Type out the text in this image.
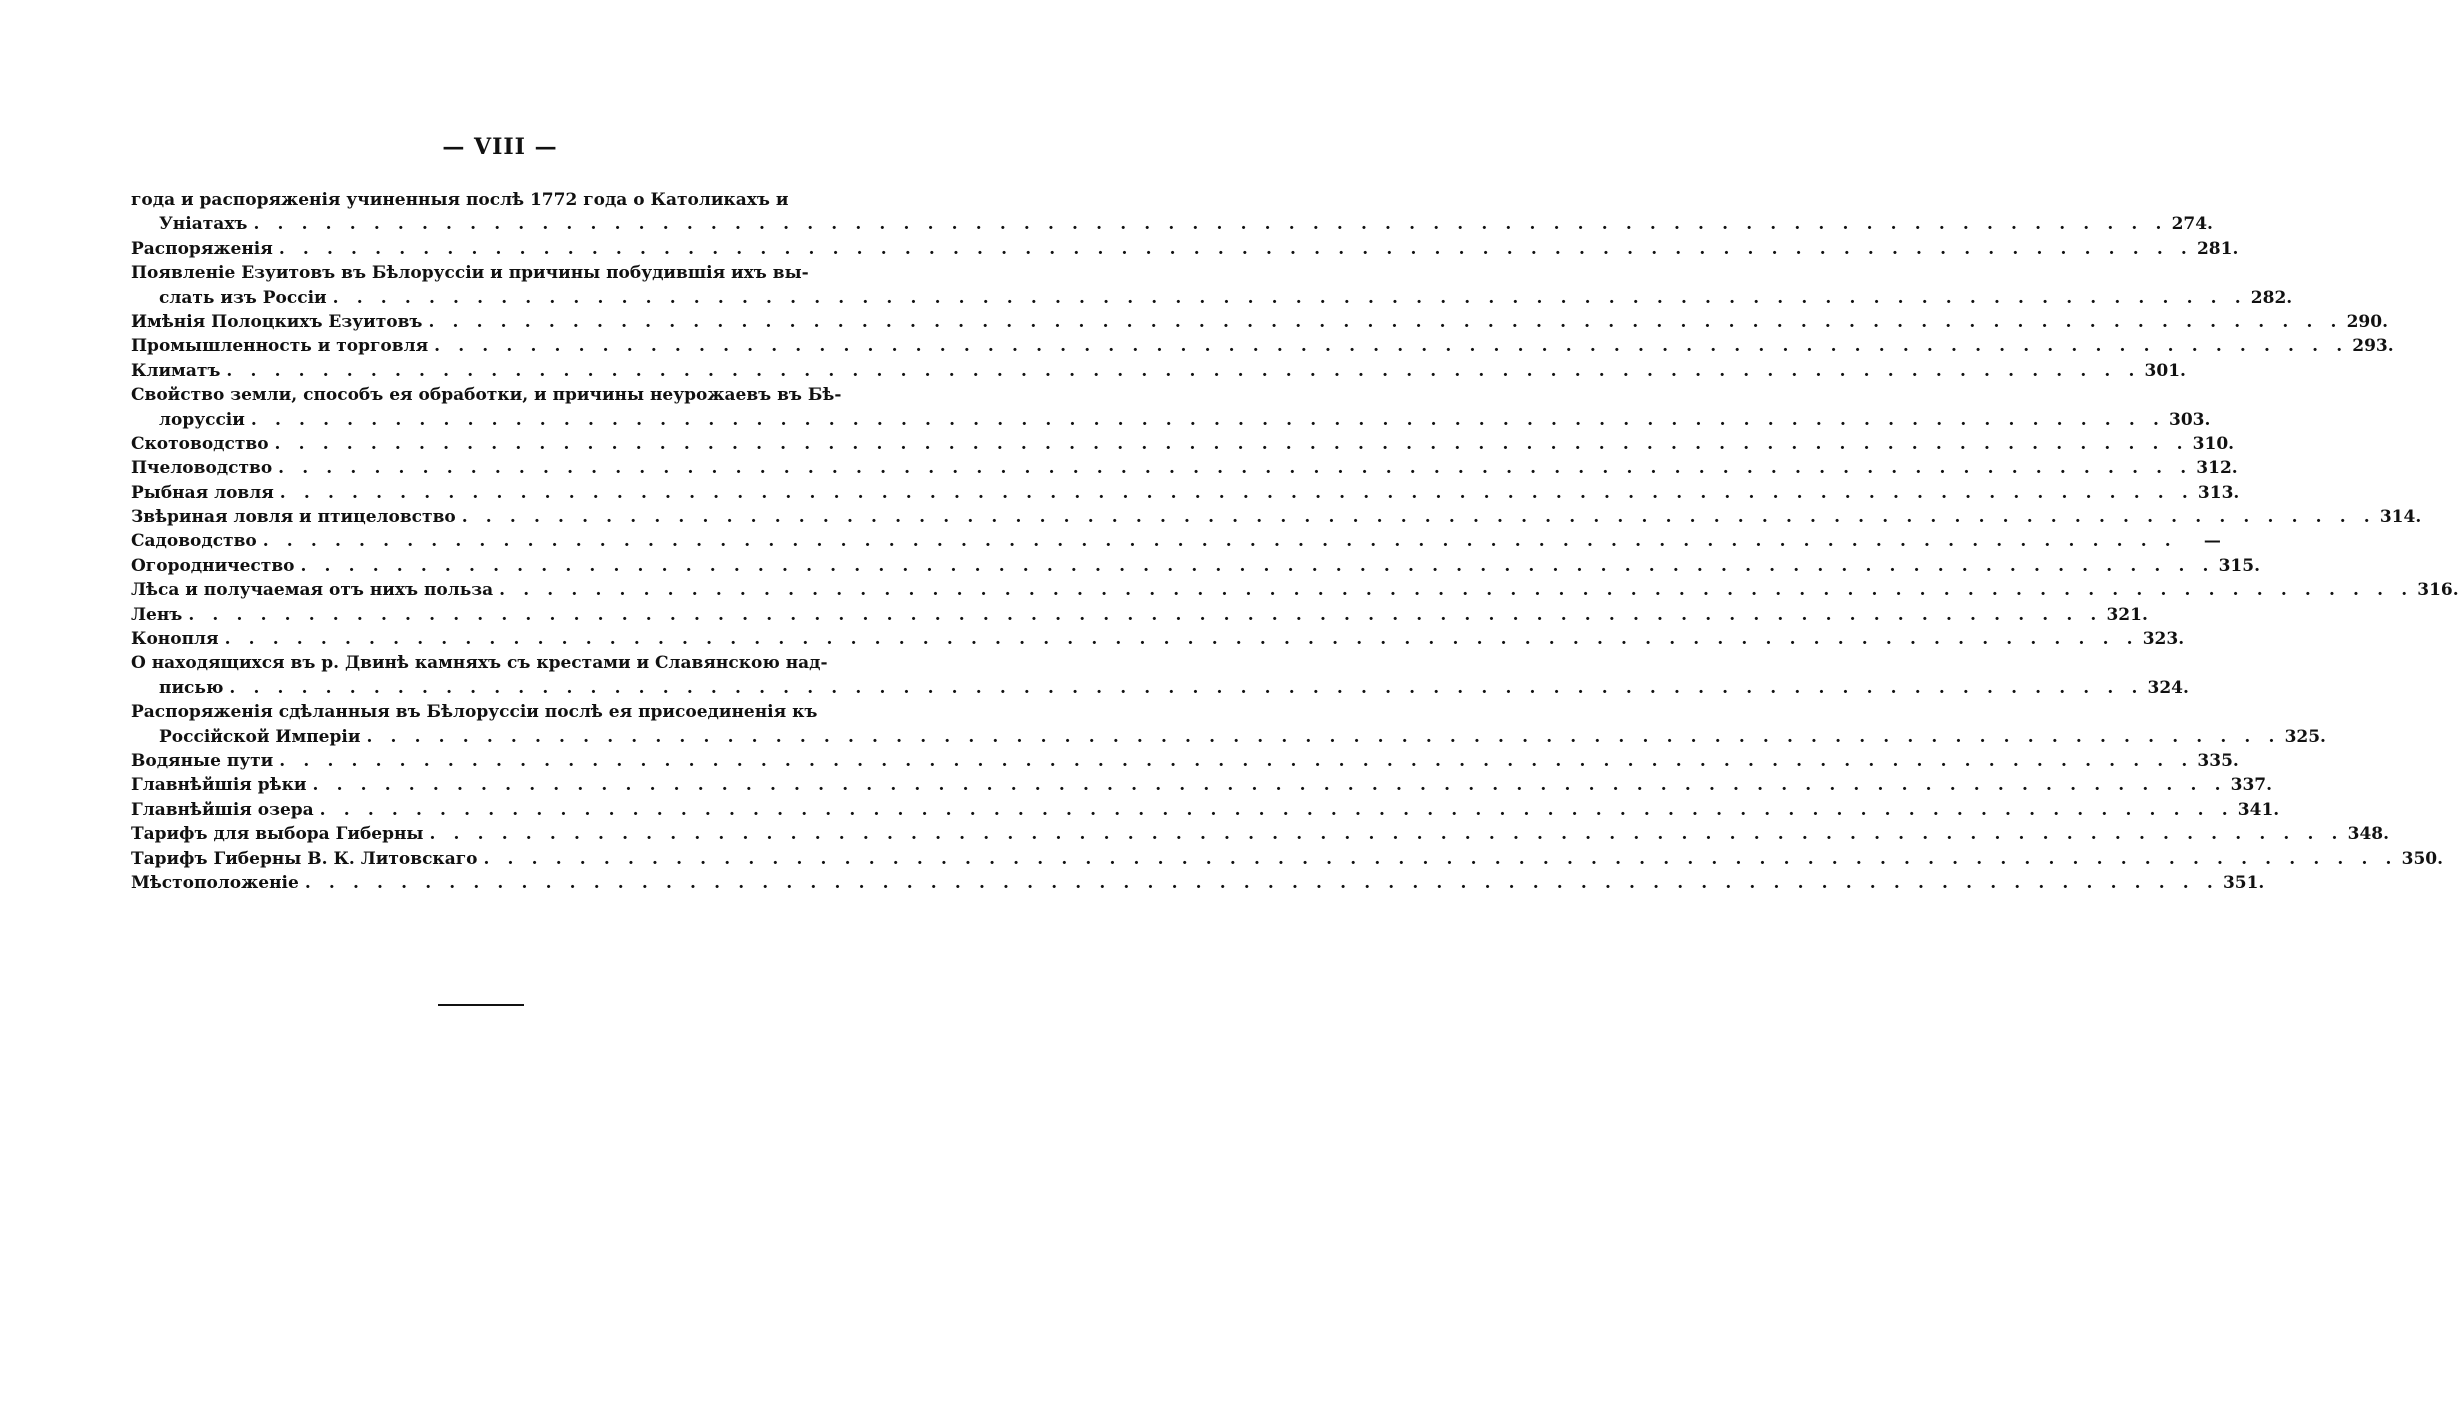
— VIII —
года и распоряженія учиненныя послѣ 1772 года о Католикахъ и
Уніатахъ . . . . . . . . . . . . . . . . . . . . . . . . . . . . . . . . . . . . . . . . . . . . . . . . . . . . . . . . . . . . . . . . . . . . . . . . . . . . . . . . 274.
Распоряженія . . . . . . . . . . . . . . . . . . . . . . . . . . . . . . . . . . . . . . . . . . . . . . . . . . . . . . . . . . . . . . . . . . . . . . . . . . . . . . . . 281.
Появленіе Езуитовъ въ Бѣлоруссіи и причины побудившія ихъ вы-
слать изъ Россіи . . . . . . . . . . . . . . . . . . . . . . . . . . . . . . . . . . . . . . . . . . . . . . . . . . . . . . . . . . . . . . . . . . . . . . . . . . . . . . . . 282.
Имѣнія Полоцкихъ Езуитовъ . . . . . . . . . . . . . . . . . . . . . . . . . . . . . . . . . . . . . . . . . . . . . . . . . . . . . . . . . . . . . . . . . . . . . . . . . . . . . . . . 290.
Промышленность и торговля . . . . . . . . . . . . . . . . . . . . . . . . . . . . . . . . . . . . . . . . . . . . . . . . . . . . . . . . . . . . . . . . . . . . . . . . . . . . . . . . 293.
Климатъ . . . . . . . . . . . . . . . . . . . . . . . . . . . . . . . . . . . . . . . . . . . . . . . . . . . . . . . . . . . . . . . . . . . . . . . . . . . . . . . . 301.
Свойство земли, способъ ея обработки, и причины неурожаевъ въ Бѣ-
лоруссіи . . . . . . . . . . . . . . . . . . . . . . . . . . . . . . . . . . . . . . . . . . . . . . . . . . . . . . . . . . . . . . . . . . . . . . . . . . . . . . . . 303.
Скотоводство . . . . . . . . . . . . . . . . . . . . . . . . . . . . . . . . . . . . . . . . . . . . . . . . . . . . . . . . . . . . . . . . . . . . . . . . . . . . . . . . 310.
Пчеловодство . . . . . . . . . . . . . . . . . . . . . . . . . . . . . . . . . . . . . . . . . . . . . . . . . . . . . . . . . . . . . . . . . . . . . . . . . . . . . . . . 312.
Рыбная ловля . . . . . . . . . . . . . . . . . . . . . . . . . . . . . . . . . . . . . . . . . . . . . . . . . . . . . . . . . . . . . . . . . . . . . . . . . . . . . . . . 313.
Звѣриная ловля и птицеловство . . . . . . . . . . . . . . . . . . . . . . . . . . . . . . . . . . . . . . . . . . . . . . . . . . . . . . . . . . . . . . . . . . . . . . . . . . . . . . . . 314.
Садоводство . . . . . . . . . . . . . . . . . . . . . . . . . . . . . . . . . . . . . . . . . . . . . . . . . . . . . . . . . . . . . . . . . . . . . . . . . . . . . . . .	—
Огородничество . . . . . . . . . . . . . . . . . . . . . . . . . . . . . . . . . . . . . . . . . . . . . . . . . . . . . . . . . . . . . . . . . . . . . . . . . . . . . . . . 315.
Лѣса и получаемая отъ нихъ польза . . . . . . . . . . . . . . . . . . . . . . . . . . . . . . . . . . . . . . . . . . . . . . . . . . . . . . . . . . . . . . . . . . . . . . . . . . . . . . . . 316.
Ленъ . . . . . . . . . . . . . . . . . . . . . . . . . . . . . . . . . . . . . . . . . . . . . . . . . . . . . . . . . . . . . . . . . . . . . . . . . . . . . . . . 321.
Конопля . . . . . . . . . . . . . . . . . . . . . . . . . . . . . . . . . . . . . . . . . . . . . . . . . . . . . . . . . . . . . . . . . . . . . . . . . . . . . . . . 323.
О находящихся въ р. Двинѣ камняхъ съ крестами и Славянскою над-
писью . . . . . . . . . . . . . . . . . . . . . . . . . . . . . . . . . . . . . . . . . . . . . . . . . . . . . . . . . . . . . . . . . . . . . . . . . . . . . . . . 324.
Распоряженія сдѣланныя въ Бѣлоруссіи послѣ ея присоединенія къ
Россійской Имперіи . . . . . . . . . . . . . . . . . . . . . . . . . . . . . . . . . . . . . . . . . . . . . . . . . . . . . . . . . . . . . . . . . . . . . . . . . . . . . . . . 325.
Водяные пути . . . . . . . . . . . . . . . . . . . . . . . . . . . . . . . . . . . . . . . . . . . . . . . . . . . . . . . . . . . . . . . . . . . . . . . . . . . . . . . . 335.
Главнѣйшія рѣки . . . . . . . . . . . . . . . . . . . . . . . . . . . . . . . . . . . . . . . . . . . . . . . . . . . . . . . . . . . . . . . . . . . . . . . . . . . . . . . . 337.
Главнѣйшія озера . . . . . . . . . . . . . . . . . . . . . . . . . . . . . . . . . . . . . . . . . . . . . . . . . . . . . . . . . . . . . . . . . . . . . . . . . . . . . . . . 341.
Тарифъ для выбора Гиберны . . . . . . . . . . . . . . . . . . . . . . . . . . . . . . . . . . . . . . . . . . . . . . . . . . . . . . . . . . . . . . . . . . . . . . . . . . . . . . . . 348.
Тарифъ Гиберны В. К. Литовскаго . . . . . . . . . . . . . . . . . . . . . . . . . . . . . . . . . . . . . . . . . . . . . . . . . . . . . . . . . . . . . . . . . . . . . . . . . . . . . . . . 350.
Мѣстоположеніе . . . . . . . . . . . . . . . . . . . . . . . . . . . . . . . . . . . . . . . . . . . . . . . . . . . . . . . . . . . . . . . . . . . . . . . . . . . . . . . . 351.
